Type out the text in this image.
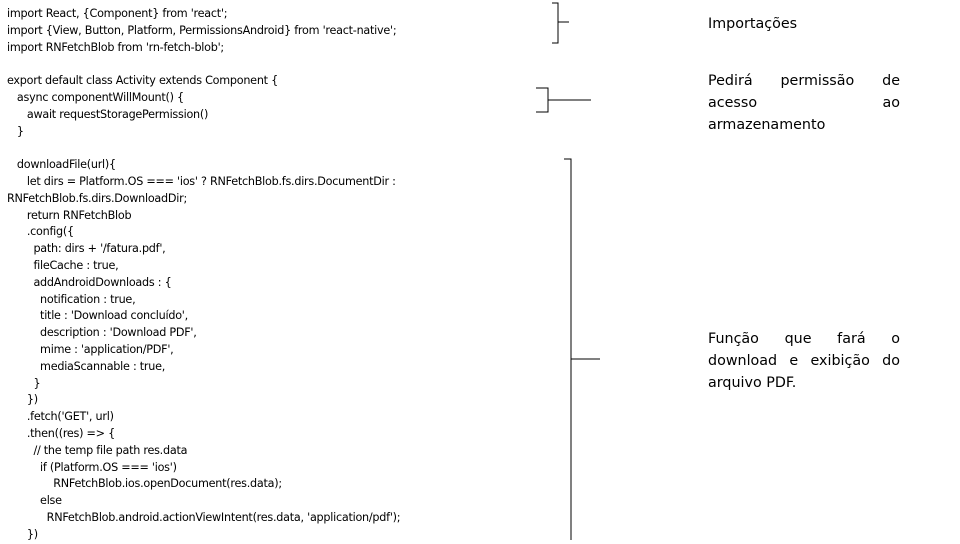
import React, {Component} from 'react';
import {View, Button, Platform, PermissionsAndroid} from 'react-native';
import RNFetchBlob from 'rn-fetch-blob';
export default class Activity extends Component {
async componentWillMount() {
await requestStoragePermission()
}
downloadFile(url){
let dirs = Platform.OS === 'ios' ? RNFetchBlob.fs.dirs.DocumentDir :
RNFetchBlob.fs.dirs.DownloadDir;
return RNFetchBlob
.config({
path: dirs + '/fatura.pdf',
fileCache : true,
addAndroidDownloads : {
notification : true,
title : 'Download concluído',
description : 'Download PDF',
mime : 'application/PDF',
mediaScannable : true,
}
})
.fetch('GET', url)
.then((res) => {
// the temp file path res.data
if (Platform.OS === 'ios')
RNFetchBlob.ios.openDocument(res.data);
else
RNFetchBlob.android.actionViewIntent(res.data, 'application/pdf');
})

Importações

Pedirá permissão de acesso ao armazenamento

Função que fará o
download e exibição do
arquivo PDF.
